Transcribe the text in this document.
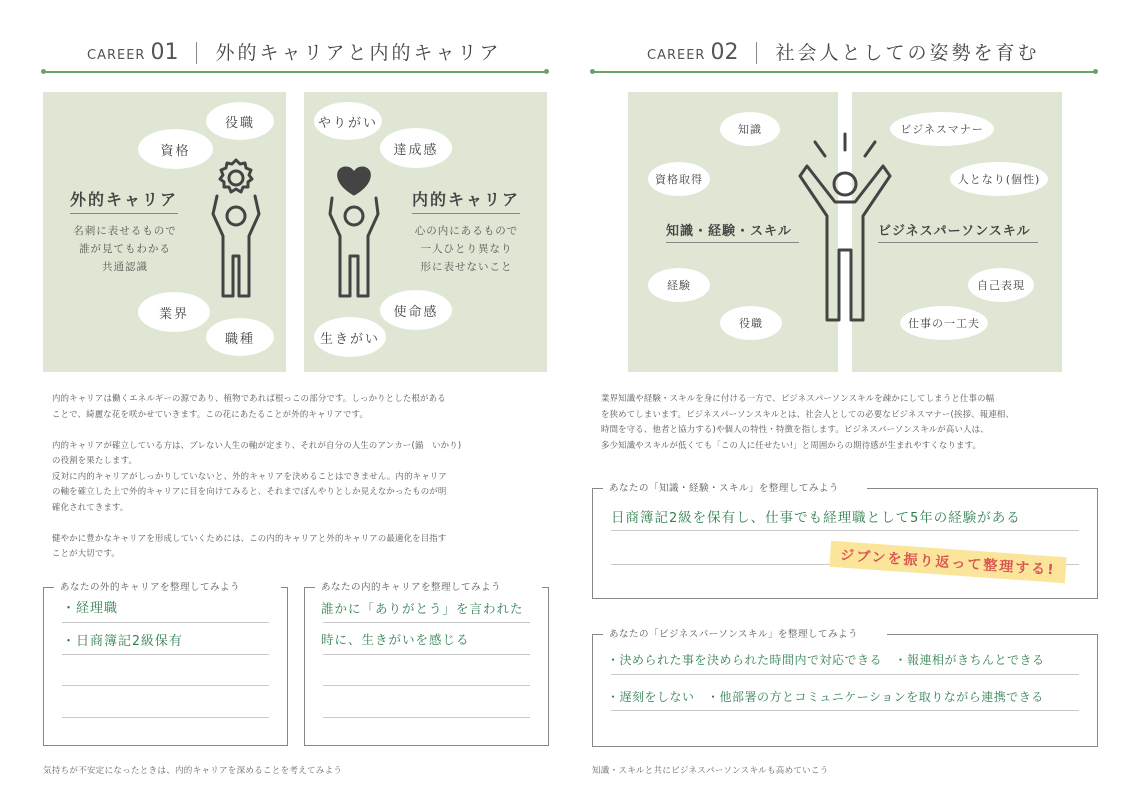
CAREER 01 外的キャリアと内的キャリア
役職
資格
外的キャリア
名刺に表せるもので
誰が見てもわかる
共通認識
業界
職種
やりがい
達成感
内的キャリア
心の内にあるもので
一人ひとり異なり
形に表せないこと
使命感
生きがい
内的キャリアは働くエネルギーの源であり、植物であれば根っこの部分です。しっかりとした根がある
ことで、綺麗な花を咲かせていきます。この花にあたることが外的キャリアです。

内的キャリアが確立している方は、ブレない人生の軸が定まり、それが自分の人生のアンカー(錨　いかり)
の役割を果たします。
反対に内的キャリアがしっかりしていないと、外的キャリアを決めることはできません。内的キャリア
の軸を確立した上で外的キャリアに目を向けてみると、それまでぼんやりとしか見えなかったものが明
確化されてきます。

健やかに豊かなキャリアを形成していくためには、この内的キャリアと外的キャリアの最適化を目指す
ことが大切です。
あなたの外的キャリアを整理してみよう
・経理職
・日商簿記2級保有
あなたの内的キャリアを整理してみよう
誰かに「ありがとう」を言われた
時に、生きがいを感じる
気持ちが不安定になったときは、内的キャリアを深めることを考えてみよう
CAREER 02 社会人としての姿勢を育む
知識
資格取得
知識・経験・スキル
経験
役職
ビジネスマナー
人となり(個性)
ビジネスパーソンスキル
自己表現
仕事の一工夫
業界知識や経験・スキルを身に付ける一方で、ビジネスパーソンスキルを疎かにしてしまうと仕事の幅
を狭めてしまいます。ビジネスパーソンスキルとは、社会人としての必要なビジネスマナー(挨拶、報連相、
時間を守る、他者と協力する)や個人の特性・特徴を指します。ビジネスパーソンスキルが高い人は、
多少知識やスキルが低くても「この人に任せたい!」と周囲からの期待感が生まれやすくなります。
あなたの「知識・経験・スキル」を整理してみよう
日商簿記2級を保有し、仕事でも経理職として5年の経験がある
ジブンを振り返って整理する!
あなたの「ビジネスパーソンスキル」を整理してみよう
・決められた事を決められた時間内で対応できる　・報連相がきちんとできる
・遅刻をしない　・他部署の方とコミュニケーションを取りながら連携できる
知識・スキルと共にビジネスパーソンスキルも高めていこう
